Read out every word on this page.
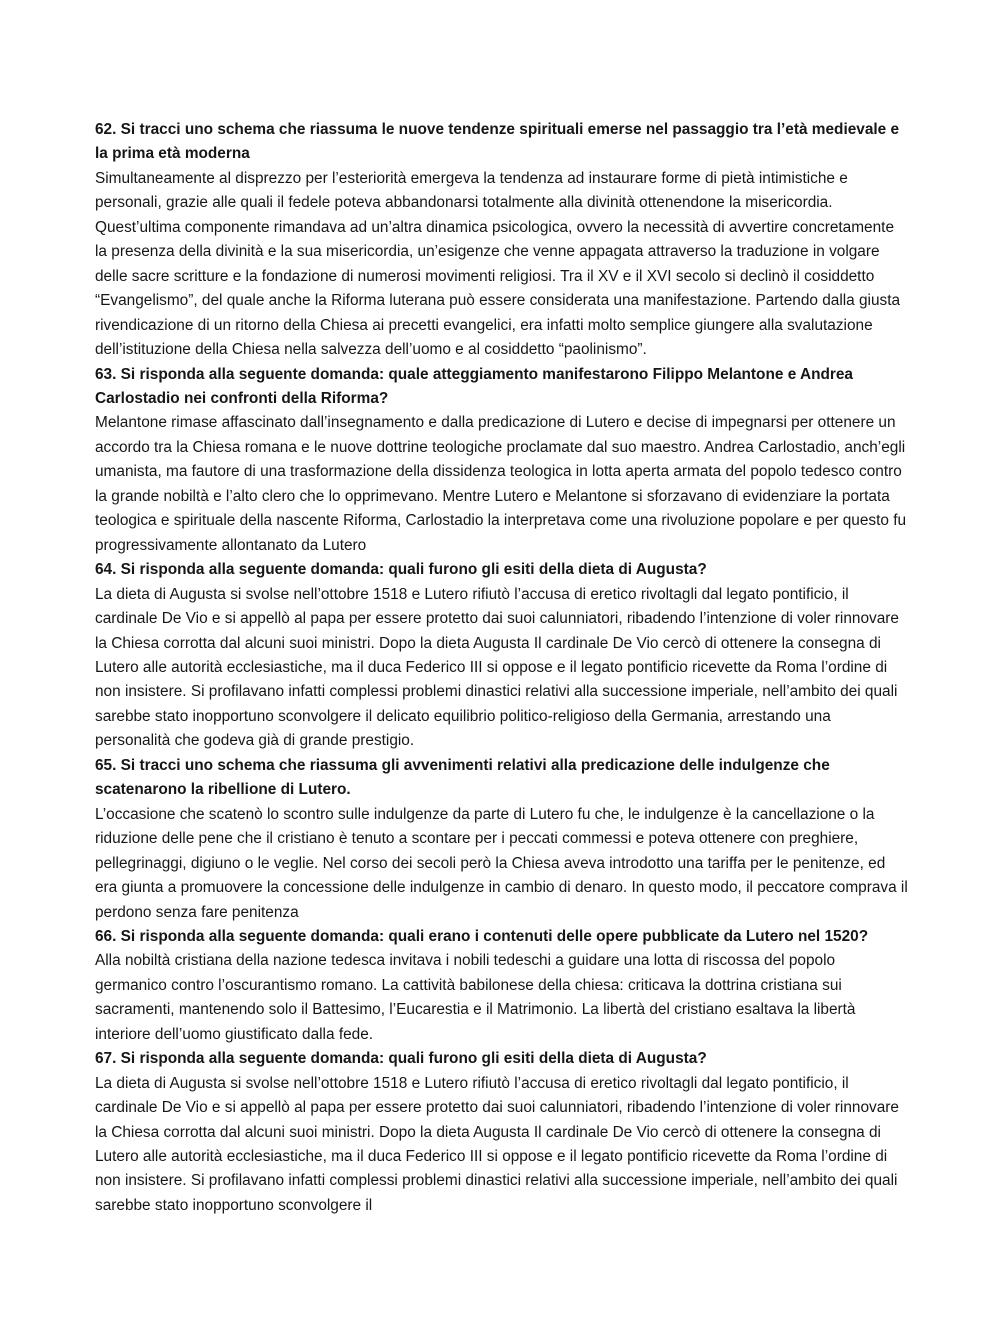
62. Si tracci uno schema che riassuma le nuove tendenze spirituali emerse nel passaggio tra l’età medievale e la prima età moderna

Simultaneamente al disprezzo per l’esteriorità emergeva la tendenza ad instaurare forme di pietà intimistiche e personali, grazie alle quali il fedele poteva abbandonarsi totalmente alla divinità ottenendone la misericordia. Quest’ultima componente rimandava ad un’altra dinamica psicologica, ovvero la necessità di avvertire concretamente la presenza della divinità e la sua misericordia, un’esigenze che venne appagata attraverso la traduzione in volgare delle sacre scritture e la fondazione di numerosi movimenti religiosi. Tra il XV e il XVI secolo si declinò il cosiddetto “Evangelismo”, del quale anche la Riforma luterana può essere considerata una manifestazione. Partendo dalla giusta rivendicazione di un ritorno della Chiesa ai precetti evangelici, era infatti molto semplice giungere alla svalutazione dell’istituzione della Chiesa nella salvezza dell’uomo e al cosiddetto “paolinismo”.

63. Si risponda alla seguente domanda: quale atteggiamento manifestarono Filippo Melantone e Andrea Carlostadio nei confronti della Riforma?

Melantone rimase affascinato dall’insegnamento e dalla predicazione di Lutero e decise di impegnarsi per ottenere un accordo tra la Chiesa romana e le nuove dottrine teologiche proclamate dal suo maestro. Andrea Carlostadio, anch’egli umanista, ma fautore di una trasformazione della dissidenza teologica in lotta aperta armata del popolo tedesco contro la grande nobiltà e l’alto clero che lo opprimevano. Mentre Lutero e Melantone si sforzavano di evidenziare la portata teologica e spirituale della nascente Riforma, Carlostadio la interpretava come una rivoluzione popolare e per questo fu progressivamente allontanato da Lutero

64. Si risponda alla seguente domanda: quali furono gli esiti della dieta di Augusta?

La dieta di Augusta si svolse nell’ottobre 1518 e Lutero rifiutò l’accusa di eretico rivoltagli dal legato pontificio, il cardinale De Vio e si appellò al papa per essere protetto dai suoi calunniatori, ribadendo l’intenzione di voler rinnovare la Chiesa corrotta dal alcuni suoi ministri. Dopo la dieta Augusta Il cardinale De Vio cercò di ottenere la consegna di Lutero alle autorità ecclesiastiche, ma il duca Federico III si oppose e il legato pontificio ricevette da Roma l’ordine di non insistere. Si profilavano infatti complessi problemi dinastici relativi alla successione imperiale, nell’ambito dei quali sarebbe stato inopportuno sconvolgere il delicato equilibrio politico-religioso della Germania, arrestando una personalità che godeva già di grande prestigio.

65. Si tracci uno schema che riassuma gli avvenimenti relativi alla predicazione delle indulgenze che scatenarono la ribellione di Lutero.

L’occasione che scatenò lo scontro sulle indulgenze da parte di Lutero fu che, le indulgenze è la cancellazione o la riduzione delle pene che il cristiano è tenuto a scontare per i peccati commessi e poteva ottenere con preghiere, pellegrinaggi, digiuno o le veglie. Nel corso dei secoli però la Chiesa aveva introdotto una tariffa per le penitenze, ed era giunta a promuovere la concessione delle indulgenze in cambio di denaro. In questo modo, il peccatore comprava il perdono senza fare penitenza

66. Si risponda alla seguente domanda: quali erano i contenuti delle opere pubblicate da Lutero nel 1520?

Alla nobiltà cristiana della nazione tedesca invitava i nobili tedeschi a guidare una lotta di riscossa del popolo germanico contro l’oscurantismo romano. La cattività babilonese della chiesa: criticava la dottrina cristiana sui sacramenti, mantenendo solo il Battesimo, l’Eucarestia e il Matrimonio. La libertà del cristiano esaltava la libertà interiore dell’uomo giustificato dalla fede.

67. Si risponda alla seguente domanda: quali furono gli esiti della dieta di Augusta?

La dieta di Augusta si svolse nell’ottobre 1518 e Lutero rifiutò l’accusa di eretico rivoltagli dal legato pontificio, il cardinale De Vio e si appellò al papa per essere protetto dai suoi calunniatori, ribadendo l’intenzione di voler rinnovare la Chiesa corrotta dal alcuni suoi ministri. Dopo la dieta Augusta Il cardinale De Vio cercò di ottenere la consegna di Lutero alle autorità ecclesiastiche, ma il duca Federico III si oppose e il legato pontificio ricevette da Roma l’ordine di non insistere. Si profilavano infatti complessi problemi dinastici relativi alla successione imperiale, nell’ambito dei quali sarebbe stato inopportuno sconvolgere il
